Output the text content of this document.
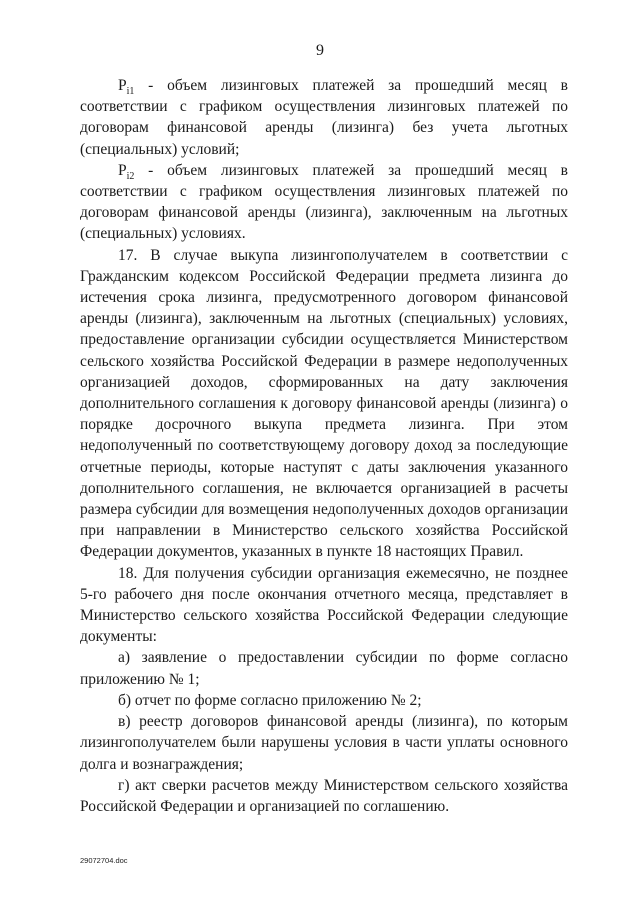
9

$P_{i1}$ - объем лизинговых платежей за прошедший месяц в соответствии с графиком осуществления лизинговых платежей по договорам финансовой аренды (лизинга) без учета льготных (специальных) условий;

$P_{i2}$ - объем лизинговых платежей за прошедший месяц в соответствии с графиком осуществления лизинговых платежей по договорам финансовой аренды (лизинга), заключенным на льготных (специальных) условиях.

17. В случае выкупа лизингополучателем в соответствии с Гражданским кодексом Российской Федерации предмета лизинга до истечения срока лизинга, предусмотренного договором финансовой аренды (лизинга), заключенным на льготных (специальных) условиях, предоставление организации субсидии осуществляется Министерством сельского хозяйства Российской Федерации в размере недополученных организацией доходов, сформированных на дату заключения дополнительного соглашения к договору финансовой аренды (лизинга) о порядке досрочного выкупа предмета лизинга. При этом недополученный по соответствующему договору доход за последующие отчетные периоды, которые наступят с даты заключения указанного дополнительного соглашения, не включается организацией в расчеты размера субсидии для возмещения недополученных доходов организации при направлении в Министерство сельского хозяйства Российской Федерации документов, указанных в пункте 18 настоящих Правил.

18. Для получения субсидии организация ежемесячно, не позднее 5-го рабочего дня после окончания отчетного месяца, представляет в Министерство сельского хозяйства Российской Федерации следующие документы:

а) заявление о предоставлении субсидии по форме согласно приложению № 1;

б) отчет по форме согласно приложению № 2;

в) реестр договоров финансовой аренды (лизинга), по которым лизингополучателем были нарушены условия в части уплаты основного долга и вознаграждения;

г) акт сверки расчетов между Министерством сельского хозяйства Российской Федерации и организацией по соглашению.

29072704.doc
